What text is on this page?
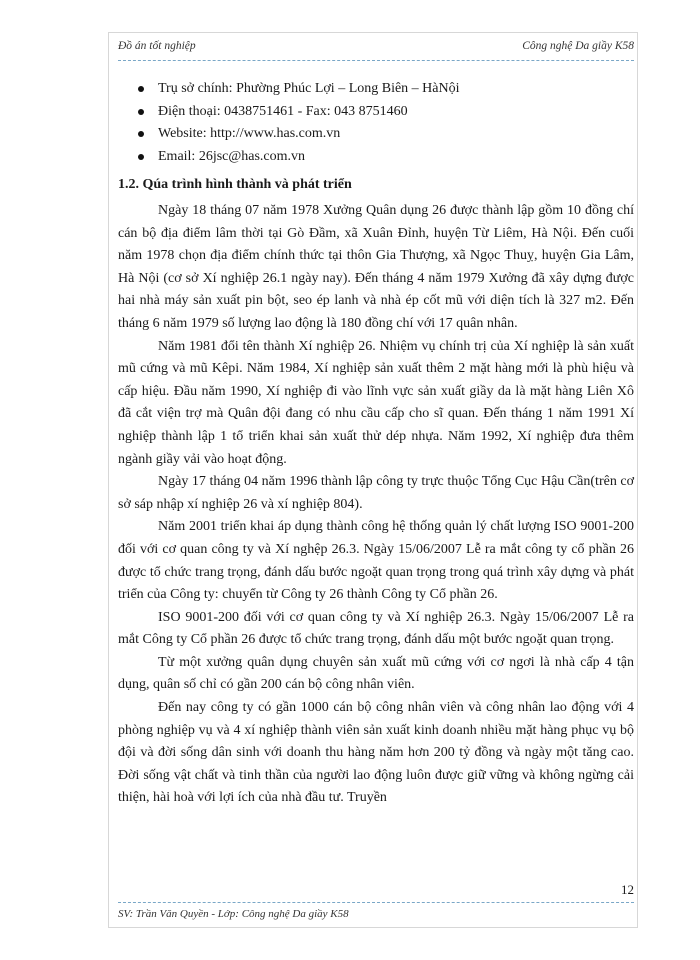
Đồ án tốt nghiệp	Công nghệ Da giầy K58
Trụ sở chính: Phường Phúc Lợi – Long Biên – HàNội
Điện thoại: 0438751461 - Fax: 043 8751460
Website: http://www.has.com.vn
Email: 26jsc@has.com.vn
1.2. Qúa trình hình thành và phát triển

Ngày 18 tháng 07 năm 1978 Xưởng Quân dụng 26 được thành lập gồm 10 đồng chí cán bộ địa điểm lâm thời tại Gò Đầm, xã Xuân Đỉnh, huyện Từ Liêm, Hà Nội. Đến cuối năm 1978 chọn địa điểm chính thức tại thôn Gia Thượng, xã Ngọc Thuỵ, huyện Gia Lâm, Hà Nội (cơ sở Xí nghiệp 26.1 ngày nay). Đến tháng 4 năm 1979 Xưởng đã xây dựng được hai nhà máy sản xuất pin bột, seo ép lanh và nhà ép cốt mũ với diện tích là 327 m2. Đến tháng 6 năm 1979 số lượng lao động là 180 đồng chí với 17 quân nhân.

Năm 1981 đổi tên thành Xí nghiệp 26. Nhiệm vụ chính trị của Xí nghiệp là sản xuất mũ cứng và mũ Kêpi. Năm 1984, Xí nghiệp sản xuất thêm 2 mặt hàng mới là phù hiệu và cấp hiệu. Đầu năm 1990, Xí nghiệp đi vào lĩnh vực sản xuất giầy da là mặt hàng Liên Xô đã cắt viện trợ mà Quân đội đang có nhu cầu cấp cho sĩ quan. Đến tháng 1 năm 1991 Xí nghiệp thành lập 1 tổ triển khai sản xuất thử dép nhựa. Năm 1992, Xí nghiệp đưa thêm ngành giầy vải vào hoạt động.

Ngày 17 tháng 04 năm 1996 thành lập công ty trực thuộc Tổng Cục Hậu Cần(trên cơ sở sáp nhập xí nghiệp 26 và xí nghiệp 804).

Năm 2001 triển khai áp dụng thành công hệ thống quản lý chất lượng ISO 9001-200 đối với cơ quan công ty và Xí nghệp 26.3. Ngày 15/06/2007 Lễ ra mắt công ty cổ phần 26 được tổ chức trang trọng, đánh dấu bước ngoặt quan trọng trong quá trình xây dựng và phát triển của Công ty: chuyển từ Công ty 26 thành Công ty Cổ phần 26.

ISO 9001-200 đối với cơ quan công ty và Xí nghiệp 26.3. Ngày 15/06/2007 Lễ ra mắt Công ty Cổ phần 26 được tổ chức trang trọng, đánh dấu một bước ngoặt quan trọng.

Từ một xưởng quân dụng chuyên sản xuất mũ cứng với cơ ngơi là nhà cấp 4 tận dụng, quân số chỉ có gần 200 cán bộ công nhân viên.

Đến nay công ty có gần 1000 cán bộ công nhân viên và công nhân lao động với 4 phòng nghiệp vụ và 4 xí nghiệp thành viên sản xuất kinh doanh nhiều mặt hàng phục vụ bộ đội và đời sống dân sinh với doanh thu hàng năm hơn 200 tỷ đồng và ngày một tăng cao. Đời sống vật chất và tinh thần của người lao động luôn được giữ vững và không ngừng cải thiện, hài hoà với lợi ích của nhà đầu tư. Truyền

12
SV: Trần Văn Quyền - Lớp: Công nghệ Da giầy K58
